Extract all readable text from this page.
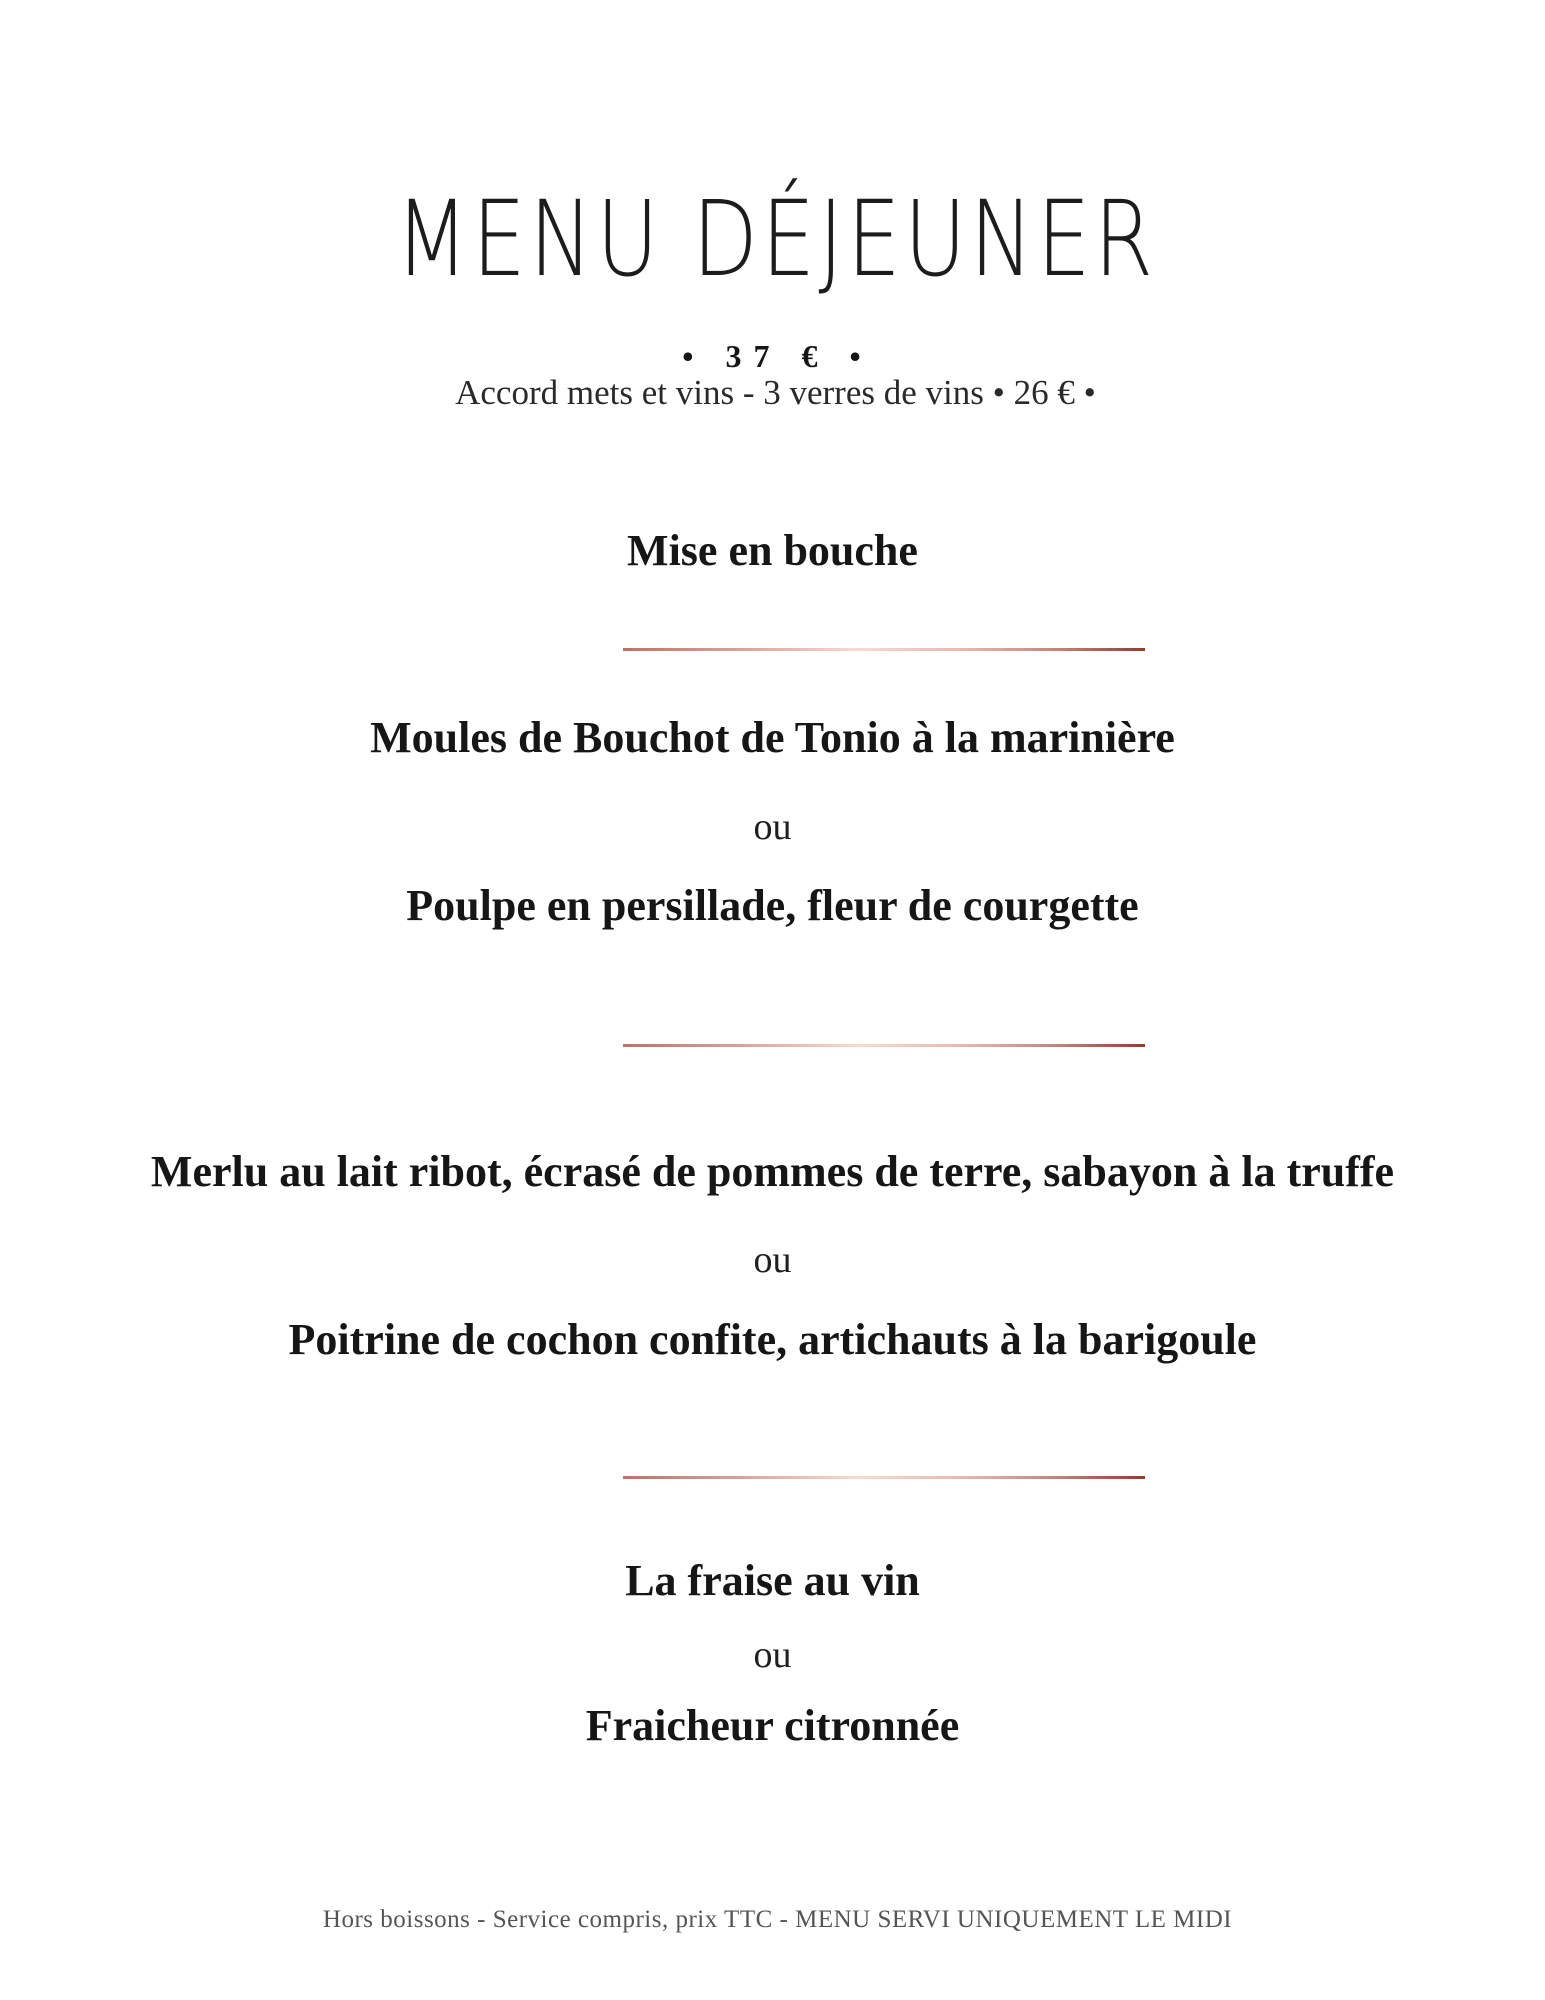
MENU DÉJEUNER
• 37 € •
Accord mets et vins - 3 verres de vins • 26 € •
Mise en bouche
Moules de Bouchot de Tonio à la marinière
ou
Poulpe en persillade, fleur de courgette
Merlu au lait ribot, écrasé de pommes de terre, sabayon à la truffe
ou
Poitrine de cochon confite, artichauts à la barigoule
La fraise au vin
ou
Fraicheur citronnée
Hors boissons - Service compris, prix TTC - MENU SERVI UNIQUEMENT LE MIDI
